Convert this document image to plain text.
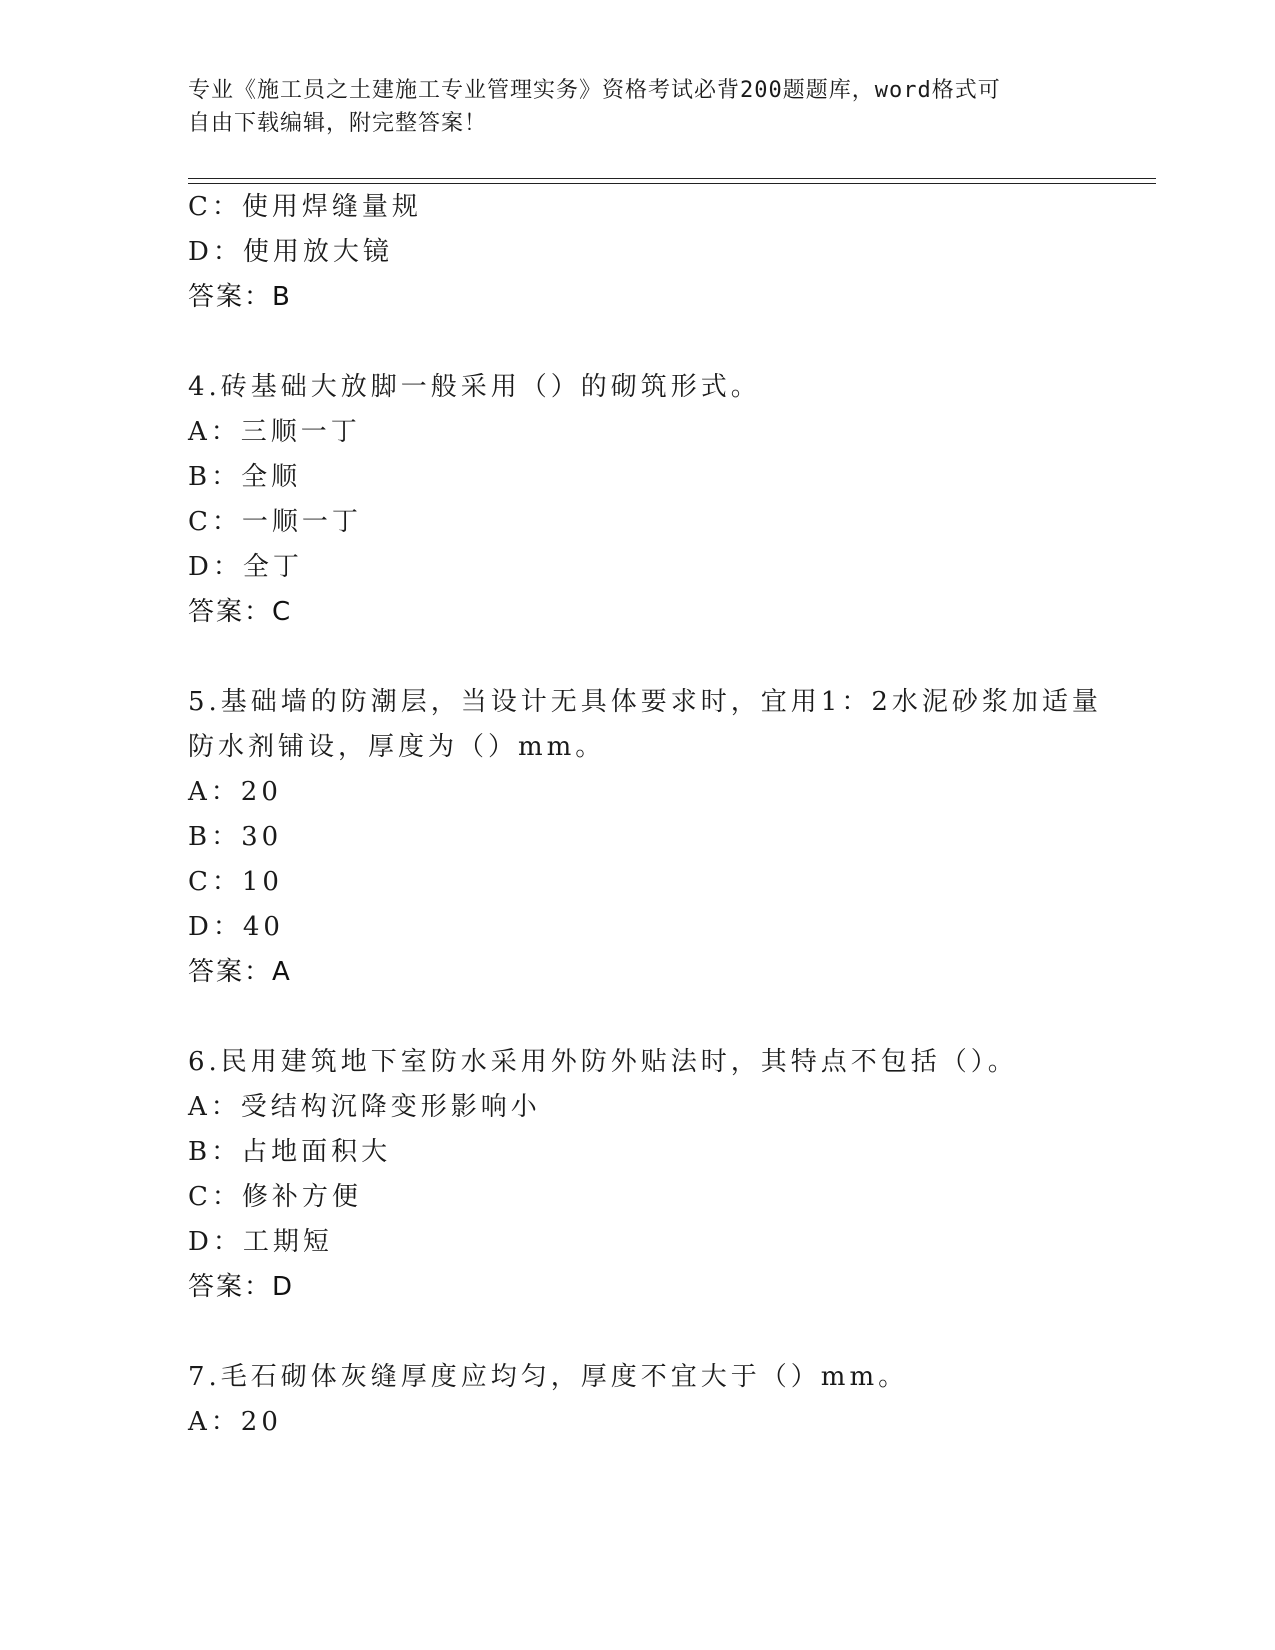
专业《施工员之土建施工专业管理实务》资格考试必背200题题库，word格式可
自由下载编辑，附完整答案！
C：使用焊缝量规
D：使用放大镜
答案：B
4.砖基础大放脚一般采用（）的砌筑形式。
A：三顺一丁
B：全顺
C：一顺一丁
D：全丁
答案：C
5.基础墙的防潮层，当设计无具体要求时，宜用1：2水泥砂浆加适量
防水剂铺设，厚度为（）mm。
A：20
B：30
C：10
D：40
答案：A
6.民用建筑地下室防水采用外防外贴法时，其特点不包括（）。
A：受结构沉降变形影响小
B：占地面积大
C：修补方便
D：工期短
答案：D
7.毛石砌体灰缝厚度应均匀，厚度不宜大于（）mm。
A：20
